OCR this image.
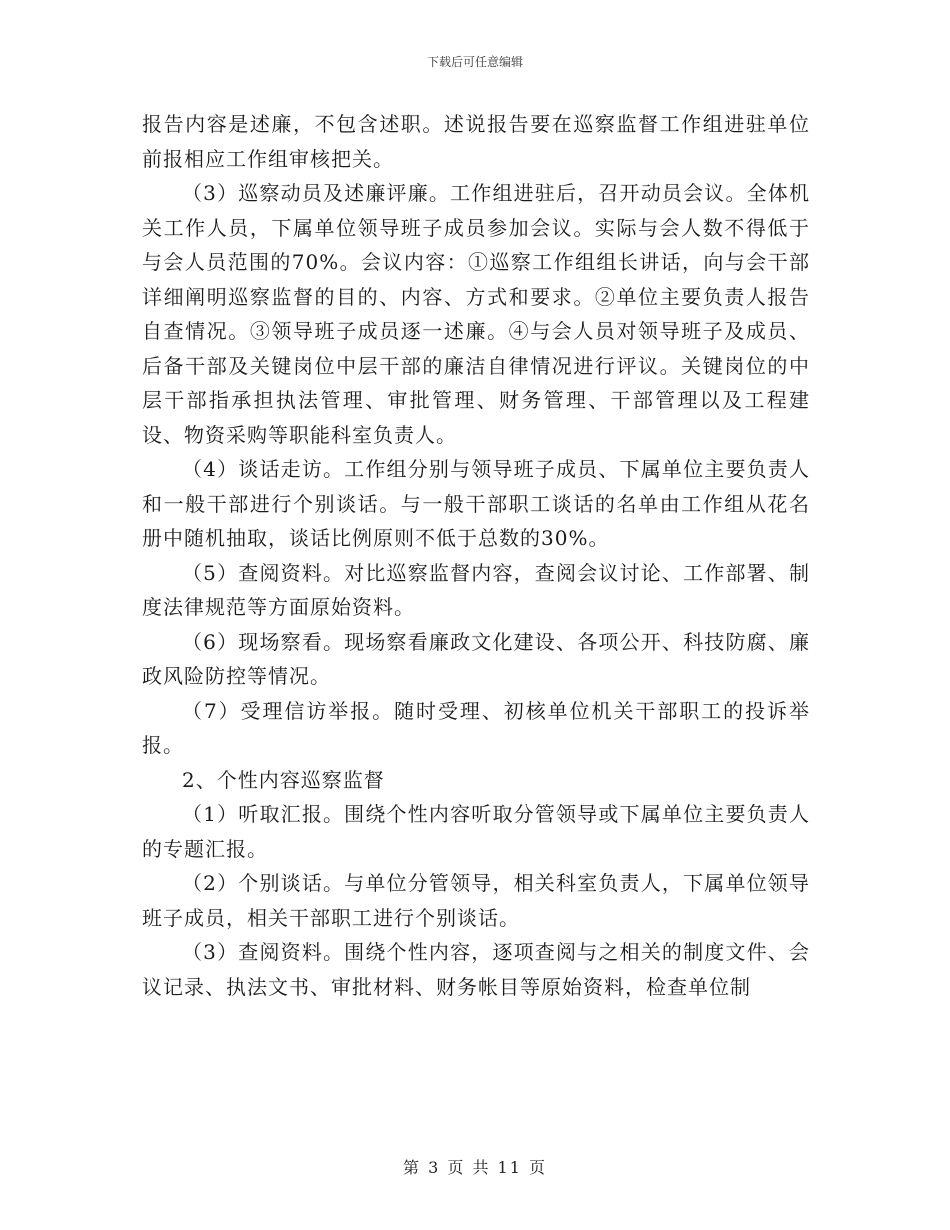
下载后可任意编辑

报告内容是述廉，不包含述职。述说报告要在巡察监督工作组进驻单位前报相应工作组审核把关。

（3）巡察动员及述廉评廉。工作组进驻后，召开动员会议。全体机关工作人员，下属单位领导班子成员参加会议。实际与会人数不得低于与会人员范围的70%。会议内容：①巡察工作组组长讲话，向与会干部详细阐明巡察监督的目的、内容、方式和要求。②单位主要负责人报告自查情况。③领导班子成员逐一述廉。④与会人员对领导班子及成员、后备干部及关键岗位中层干部的廉洁自律情况进行评议。关键岗位的中层干部指承担执法管理、审批管理、财务管理、干部管理以及工程建设、物资采购等职能科室负责人。

（4）谈话走访。工作组分别与领导班子成员、下属单位主要负责人和一般干部进行个别谈话。与一般干部职工谈话的名单由工作组从花名册中随机抽取，谈话比例原则不低于总数的30%。

（5）查阅资料。对比巡察监督内容，查阅会议讨论、工作部署、制度法律规范等方面原始资料。

（6）现场察看。现场察看廉政文化建设、各项公开、科技防腐、廉政风险防控等情况。

（7）受理信访举报。随时受理、初核单位机关干部职工的投诉举报。

2、个性内容巡察监督

（1）听取汇报。围绕个性内容听取分管领导或下属单位主要负责人的专题汇报。

（2）个别谈话。与单位分管领导，相关科室负责人，下属单位领导班子成员，相关干部职工进行个别谈话。

（3）查阅资料。围绕个性内容，逐项查阅与之相关的制度文件、会议记录、执法文书、审批材料、财务帐目等原始资料，检查单位制

第 3 页 共 11 页
